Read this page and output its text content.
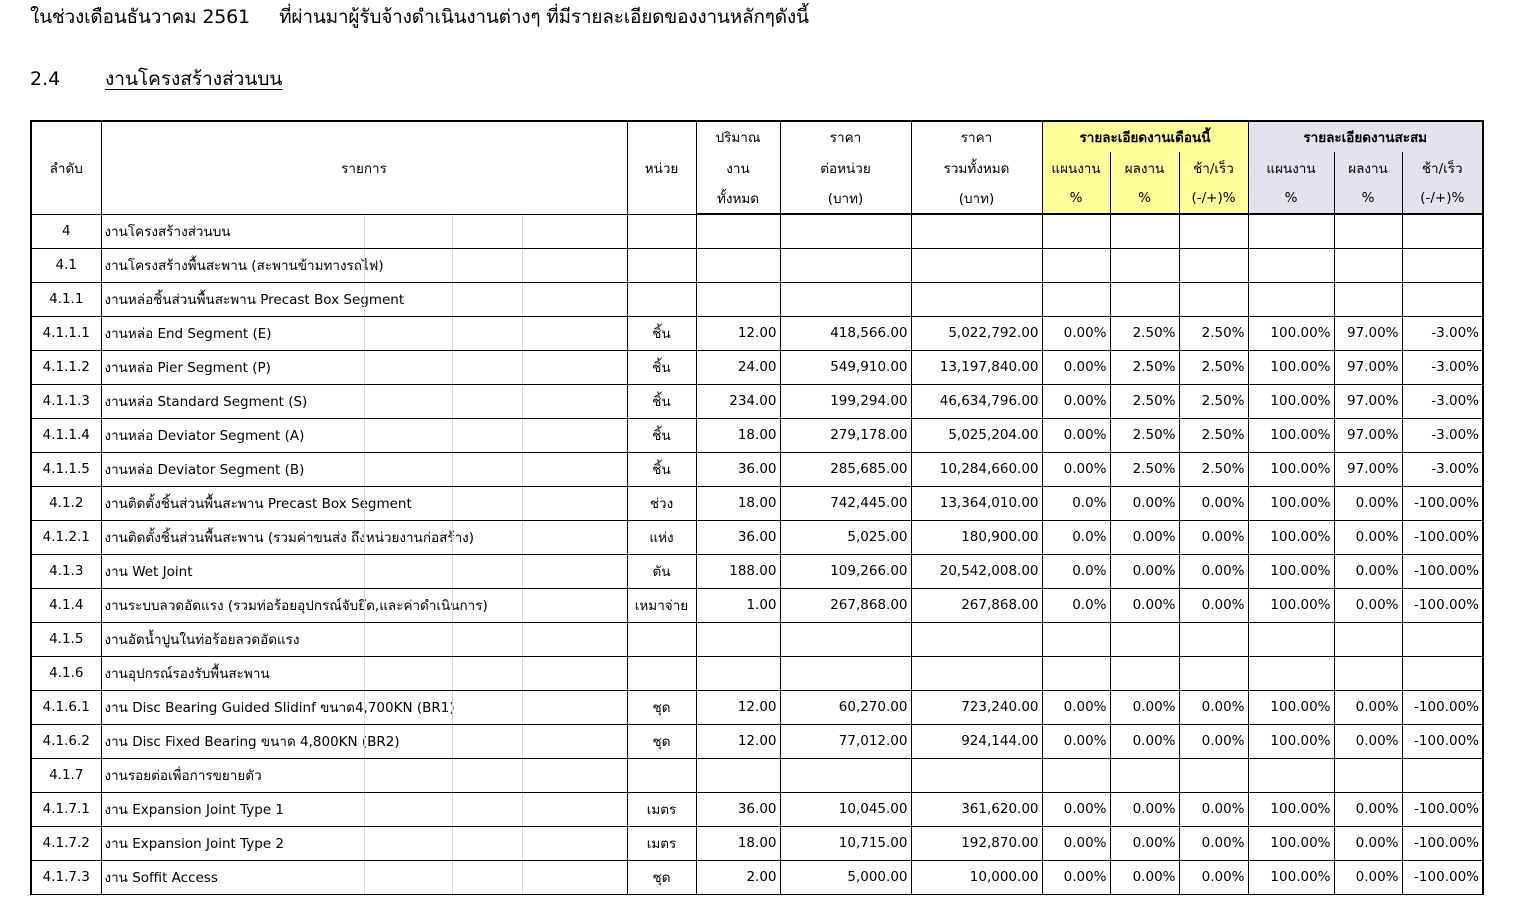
ในช่วงเดือนธันวาคม 2561     ที่ผ่านมาผู้รับจ้างดำเนินงานต่างๆ ที่มีรายละเอียดของงานหลักๆดังนี้
2.4 งานโครงสร้างส่วนบน
ลำดับ	รายการ	หน่วย	ปริมาณ	ราคา	ราคา	รายละเอียดงานเดือนนี้			รายละเอียดงานสะสม		
			งาน	ต่อหน่วย	รวมทั้งหมด	แผนงาน	ผลงาน	ช้า/เร็ว	แผนงาน	ผลงาน	ช้า/เร็ว
			ทั้งหมด	(บาท)	(บาท)	%	%	(-/+)%	%	%	(-/+)%
4	งานโครงสร้างส่วนบน										
4.1	งานโครงสร้างพื้นสะพาน (สะพานข้ามทางรถไฟ)										
4.1.1	งานหล่อชิ้นส่วนพื้นสะพาน Precast Box Segment										
4.1.1.1	งานหล่อ End Segment (E)	ชิ้น	12.00	418,566.00	5,022,792.00	0.00%	2.50%	2.50%	100.00%	97.00%	-3.00%
4.1.1.2	งานหล่อ Pier Segment (P)	ชิ้น	24.00	549,910.00	13,197,840.00	0.00%	2.50%	2.50%	100.00%	97.00%	-3.00%
4.1.1.3	งานหล่อ Standard Segment (S)	ชิ้น	234.00	199,294.00	46,634,796.00	0.00%	2.50%	2.50%	100.00%	97.00%	-3.00%
4.1.1.4	งานหล่อ Deviator Segment (A)	ชิ้น	18.00	279,178.00	5,025,204.00	0.00%	2.50%	2.50%	100.00%	97.00%	-3.00%
4.1.1.5	งานหล่อ Deviator Segment (B)	ชิ้น	36.00	285,685.00	10,284,660.00	0.00%	2.50%	2.50%	100.00%	97.00%	-3.00%
4.1.2	งานติดตั้งชิ้นส่วนพื้นสะพาน Precast Box Segment	ช่วง	18.00	742,445.00	13,364,010.00	0.0%	0.00%	0.00%	100.00%	0.00%	-100.00%
4.1.2.1	งานติดตั้งชิ้นส่วนพื้นสะพาน (รวมค่าขนส่ง ถึงหน่วยงานก่อสร้าง)	แห่ง	36.00	5,025.00	180,900.00	0.0%	0.00%	0.00%	100.00%	0.00%	-100.00%
4.1.3	งาน Wet Joint	ตัน	188.00	109,266.00	20,542,008.00	0.0%	0.00%	0.00%	100.00%	0.00%	-100.00%
4.1.4	งานระบบลวดอัดแรง (รวมท่อร้อยอุปกรณ์จับยึด,และค่าดำเนินการ)	เหมาจ่าย	1.00	267,868.00	267,868.00	0.0%	0.00%	0.00%	100.00%	0.00%	-100.00%
4.1.5	งานอัดน้ำปูนในท่อร้อยลวดอัดแรง										
4.1.6	งานอุปกรณ์รองรับพื้นสะพาน										
4.1.6.1	งาน Disc Bearing Guided Slidinf ขนาด4,700KN (BR1)	ชุด	12.00	60,270.00	723,240.00	0.00%	0.00%	0.00%	100.00%	0.00%	-100.00%
4.1.6.2	งาน Disc Fixed Bearing ขนาด 4,800KN (BR2)	ชุด	12.00	77,012.00	924,144.00	0.00%	0.00%	0.00%	100.00%	0.00%	-100.00%
4.1.7	งานรอยต่อเพื่อการขยายตัว										
4.1.7.1	งาน Expansion Joint Type 1	เมตร	36.00	10,045.00	361,620.00	0.00%	0.00%	0.00%	100.00%	0.00%	-100.00%
4.1.7.2	งาน Expansion Joint Type 2	เมตร	18.00	10,715.00	192,870.00	0.00%	0.00%	0.00%	100.00%	0.00%	-100.00%
4.1.7.3	งาน Soffit Access	ชุด	2.00	5,000.00	10,000.00	0.00%	0.00%	0.00%	100.00%	0.00%	-100.00%
